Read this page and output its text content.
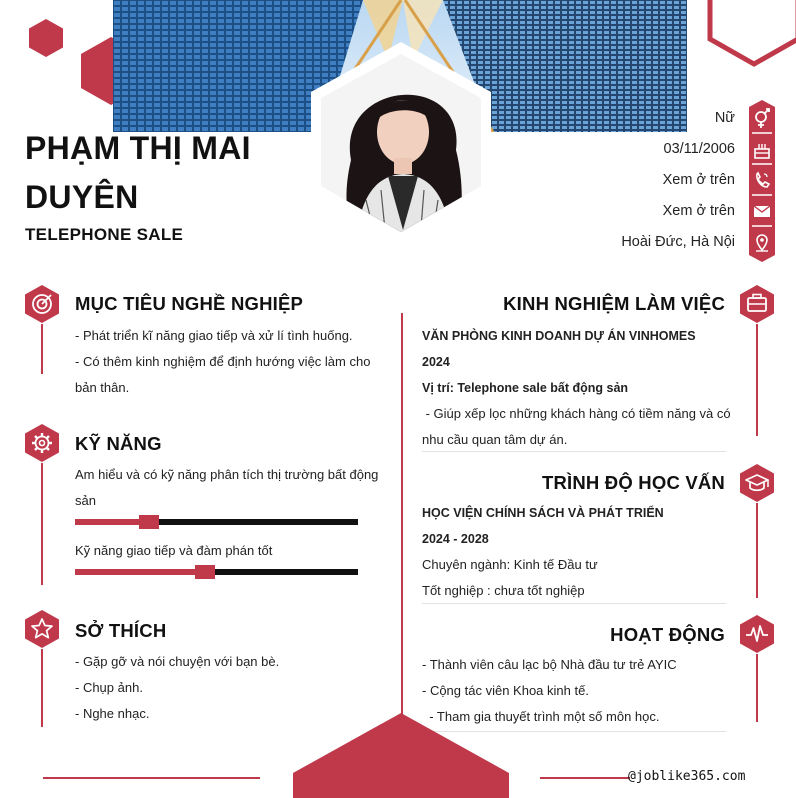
PHẠM THỊ MAI DUYÊN
TELEPHONE SALE
Nữ
03/11/2006
Xem ở trên
Xem ở trên
Hoài Đức, Hà Nội
MỤC TIÊU NGHỀ NGHIỆP
- Phát triển kĩ năng giao tiếp và xử lí tình huống.
- Có thêm kinh nghiệm để định hướng việc làm cho
bản thân.
KỸ NĂNG
Am hiểu và có kỹ năng phân tích thị trường bất động
sản
Kỹ năng giao tiếp và đàm phán tốt
SỞ THÍCH
- Gặp gỡ và nói chuyện với bạn bè.
- Chụp ảnh.
- Nghe nhạc.
KINH NGHIỆM LÀM VIỆC
VĂN PHÒNG KINH DOANH DỰ ÁN VINHOMES
2024
Vị trí: Telephone sale bất động sản
- Giúp xếp lọc những khách hàng có tiềm năng và có
nhu cầu quan tâm dự án.
TRÌNH ĐỘ HỌC VẤN
HỌC VIỆN CHÍNH SÁCH VÀ PHÁT TRIỂN
2024 - 2028
Chuyên ngành: Kinh tế Đầu tư
Tốt nghiệp : chưa tốt nghiệp
HOẠT ĐỘNG
- Thành viên câu lạc bộ Nhà đầu tư trẻ AYIC
- Cộng tác viên Khoa kinh tế.
- Tham gia thuyết trình một số môn học.
@joblike365.com
